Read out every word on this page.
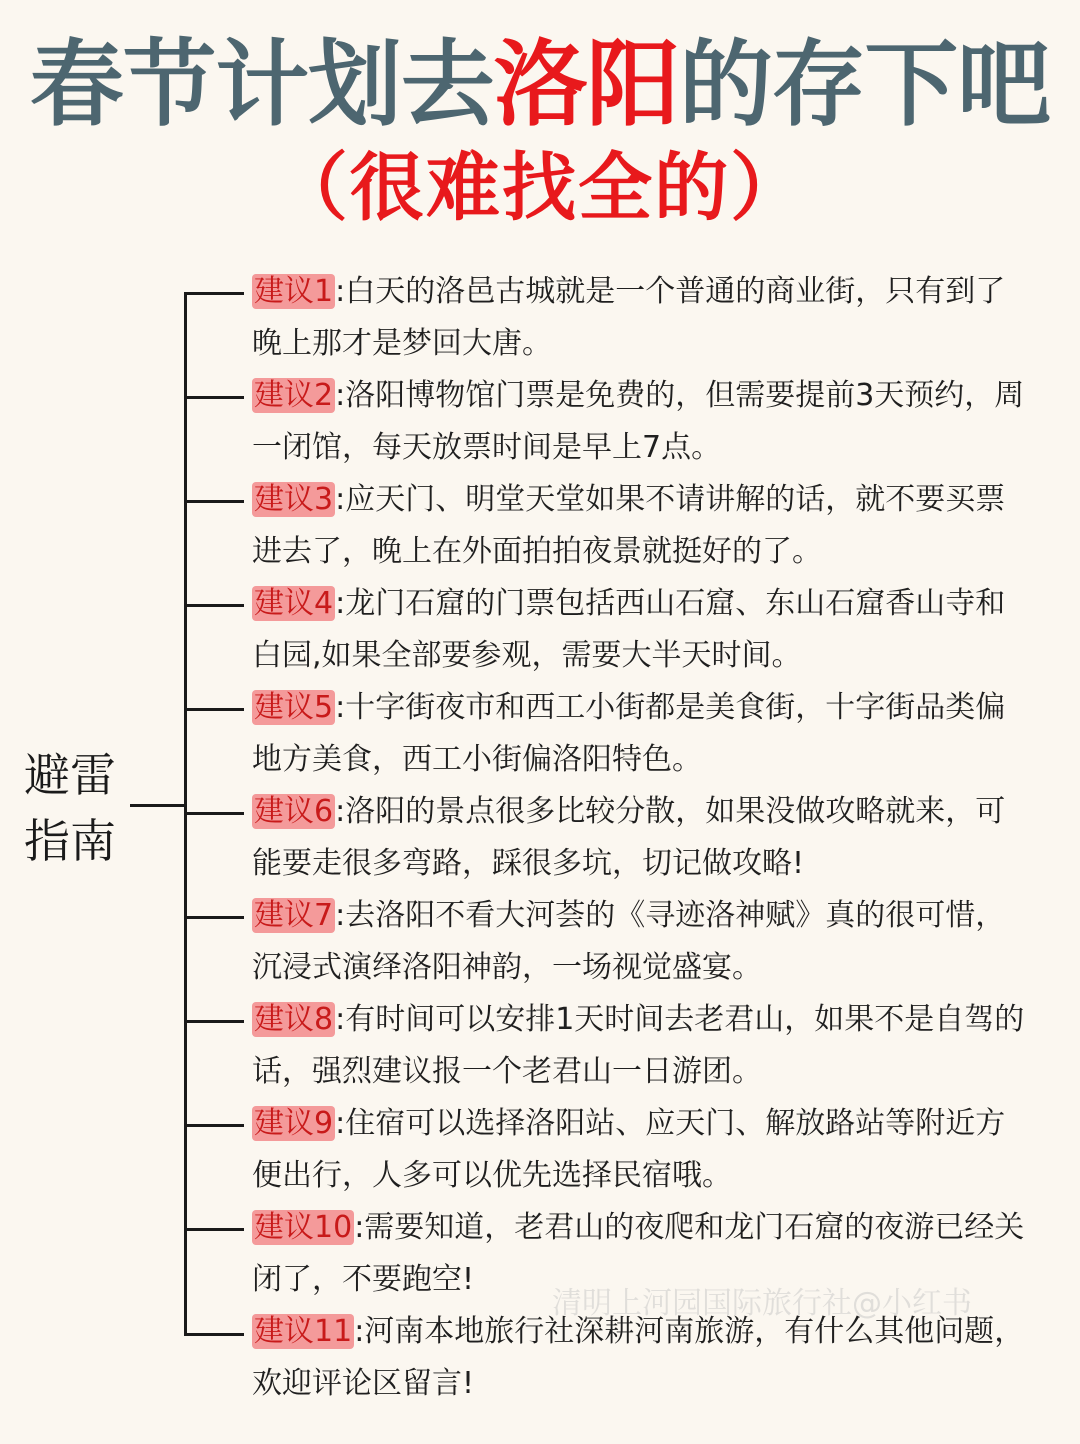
春节计划去洛阳的存下吧
（很难找全的）
避雷
指南
建议1:白天的洛邑古城就是一个普通的商业街，只有到了
晚上那才是梦回大唐。
建议2:洛阳博物馆门票是免费的，但需要提前3天预约，周
一闭馆，每天放票时间是早上7点。
建议3:应天门、明堂天堂如果不请讲解的话，就不要买票
进去了，晚上在外面拍拍夜景就挺好的了。
建议4:龙门石窟的门票包括西山石窟、东山石窟香山寺和
白园,如果全部要参观，需要大半天时间。
建议5:十字街夜市和西工小街都是美食街，十字街品类偏
地方美食，西工小街偏洛阳特色。
建议6:洛阳的景点很多比较分散，如果没做攻略就来，可
能要走很多弯路，踩很多坑，切记做攻略!
建议7:去洛阳不看大河荟的《寻迹洛神赋》真的很可惜，
沉浸式演绎洛阳神韵，一场视觉盛宴。
建议8:有时间可以安排1天时间去老君山，如果不是自驾的
话，强烈建议报一个老君山一日游团。
建议9:住宿可以选择洛阳站、应天门、解放路站等附近方
便出行，人多可以优先选择民宿哦。
建议10:需要知道，老君山的夜爬和龙门石窟的夜游已经关
闭了，不要跑空!
建议11:河南本地旅行社深耕河南旅游，有什么其他问题，
欢迎评论区留言!
清明上河园国际旅行社@小红书
